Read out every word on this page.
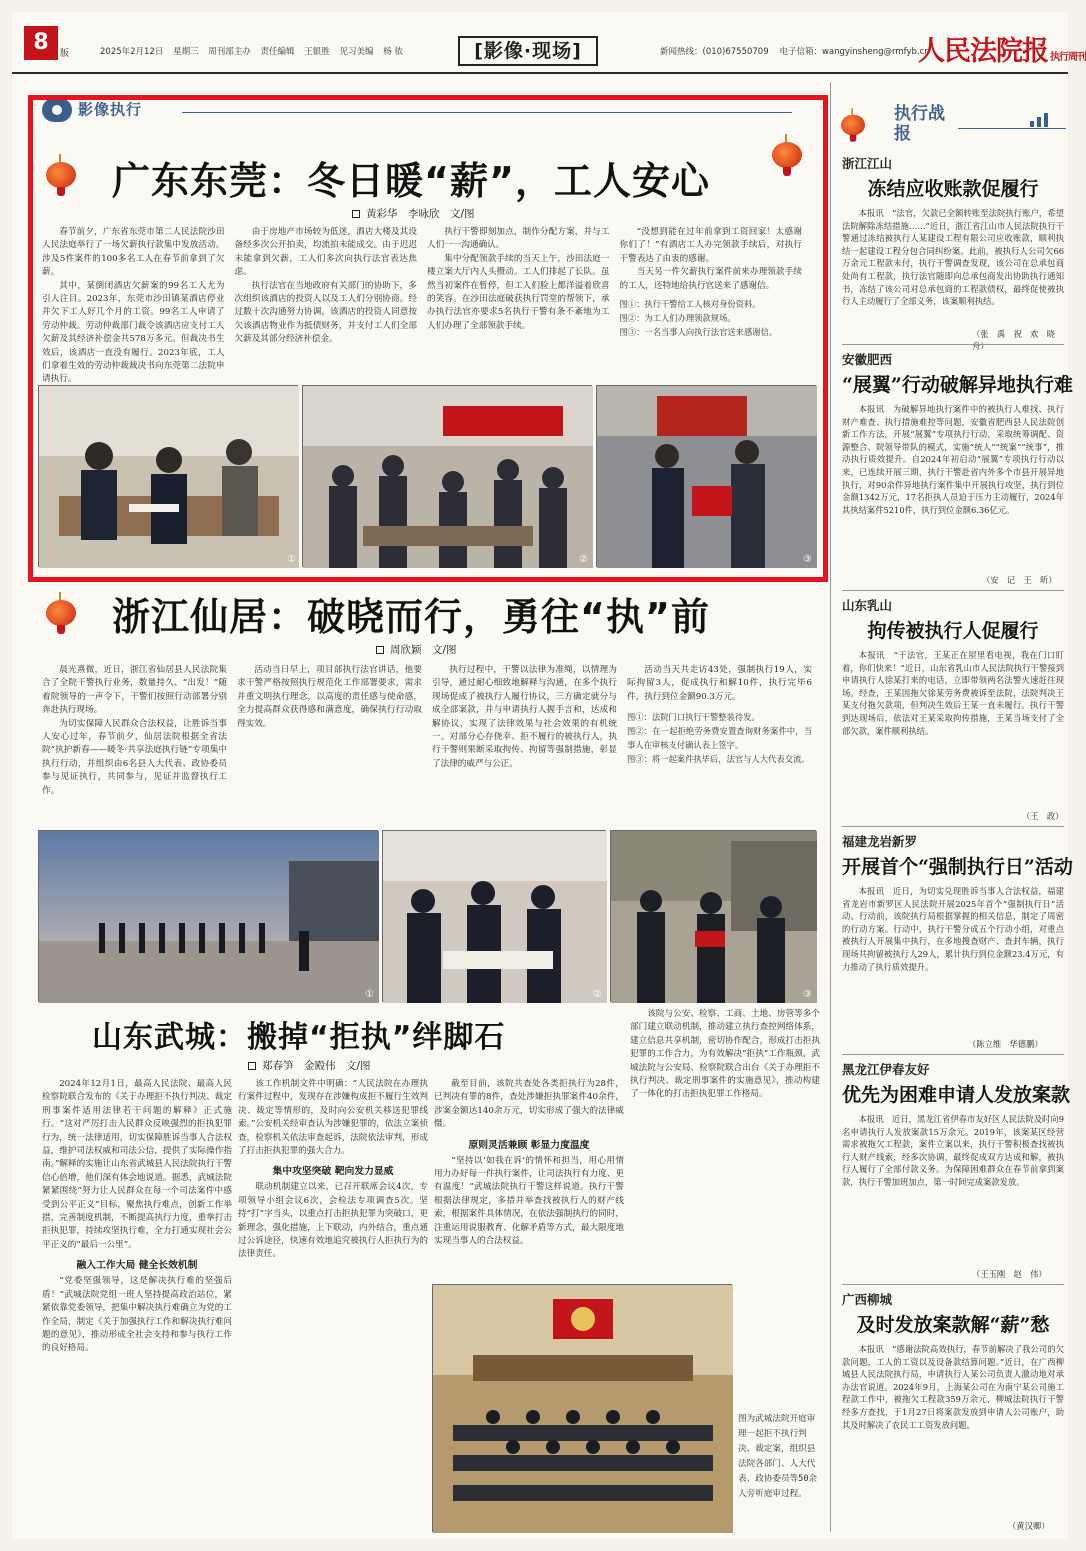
8	版	2025年2月12日 星期三 周刊部主办 责任编辑 王银胜 见习美编 杨 依	[影像·现场]	新闻热线：(010)67550709 电子信箱：wangyinsheng@rmfyb.cn
人民法院报 执行周刊
影像执行
广东东莞：冬日暖“薪”，工人安心
黄彩华　李咏欣　文/图

春节前夕，广东省东莞市第二人民法院沙田人民法庭举行了一场欠薪执行款集中发放活动。涉及5件案件的100多名工人在春节前拿到了欠薪。

其中，某倒闭酒店欠薪案的99名工人尤为引人注目。2023年，东莞市沙田镇某酒店停业并欠下工人好几个月的工资。99名工人申请了劳动仲裁。劳动仲裁部门裁令该酒店应支付工人欠薪及其经济补偿金共578万多元。但裁决书生效后，该酒店一直没有履行。2023年底，工人们拿着生效的劳动仲裁裁决书向东莞第二法院申请执行。

由于房地产市场较为低迷，酒店大楼及其设备经多次公开拍卖，均流拍未能成交。由于迟迟未能拿到欠薪，工人们多次向执行法官表达焦虑。

执行法官在当地政府有关部门的协助下，多次组织该酒店的投资人以及工人们分别协商。经过数十次沟通努力协调，该酒店的投资人同意按欠该酒店物业作为抵债财务，并支付工人们全部欠薪及其部分经济补偿金。

执行干警即刻加点，制作分配方案，并与工人们一一沟通确认。

集中分配领款手续的当天上午，沙田法庭一楼立案大厅内人头攒动。工人们排起了长队。虽然当初案件在暂停，但工人们脸上都洋溢着欣喜的笑容。在沙田法庭破获执行罚堂的帮领下，承办执行法官亦要求5名执行干警有条不紊地为工人们办理了全部领款手续。

“没想到能在过年前拿到工资回家！太感谢你们了！”有酒店工人办完领款手续后，对执行干警表达了由衷的感谢。

当天另一件欠薪执行案件前来办理领款手续的工人，还特地给执行官送来了感谢信。

图①：执行干警给工人核对身份资料。
图②：为工人们办理领款规场。
图③：一名当事人向执行法官送来感谢信。
①	②	③
浙江仙居：破晓而行，勇往“执”前
周欣颖　文/图

晨光熹微，近日，浙江省仙居县人民法院集合了全院干警执行业务，数量持久、“出发！”随着院领导的一声令下，干警们按照行动部署分别奔赴执行现场。

为切实保障人民群众合法权益，让胜诉当事人安心过年，春节前夕，仙居法院根据全省法院“执护新春——暖冬·共享法庭执行链”专项集中执行行动，并组织由6名县人大代表、政协委员参与见证执行，共同参与，见证并监督执行工作。

活动当日早上，项目部执行法官讲话，他要求干警严格按照执行规范化工作部署要求，需求并重文明执行理念，以高度的责任感与使命感，全力提高群众获得感和满意度，确保执行行动取得实效。

执行过程中，干警以法律为准绳，以情理为引导，通过耐心细致地解释与沟通，在多个执行现场促成了被执行人履行协议，三方确定就分与成全部案款，并与申请执行人握手言和，达成和解协议，实现了法律效果与社会效果的有机统一。对部分心存侥幸、拒不履行的被执行人，执行干警则果断采取拘传、拘留等强制措施，彰显了法律的威严与公正。

活动当天共走访43处，强制执行19人，实际拘留3人，促成执行和解10件，执行完毕6件，执行到位金额90.3万元。

图①：法院门口执行干警整装待发。
图②：在一起拒绝劳务费安置查询财务案件中，当事人在审核支付确认表上签字。
图③：将一起案件执毕后，法官与人大代表交流。
①	②	③
山东武城：搬掉“拒执”绊脚石
郑春笋　金殿伟　文/图

2024年12月1日，最高人民法院、最高人民检察院联合发布的《关于办理拒不执行判决、裁定刑事案件适用法律若干问题的解释》正式施行。“这对严厉打击人民群众反映强烈的拒执犯罪行为，统一法律适用，切实保障胜诉当事人合法权益，维护司法权威和司法公信，提供了实际操作指南。”解释的实施让山东省武城县人民法院执行干警信心倍增，他们深有体会地说道。据悉，武城法院紧紧围绕“努力让人民群众在每一个司法案件中感受到公平正义”目标，聚焦执行难点，创新工作举措，完善制度机制，不断提高执行力度，重拳打击拒执犯罪，持续攻坚执行难，全力打通实现社会公平正义的“最后一公里”。

融入工作大局 健全长效机制

“党委坚强领导，这是解决执行难的坚强后盾！”武城法院党组一班人坚持提高政治站位，紧紧依靠党委领导，把集中解决执行难确立为党的工作全局，制定《关于加强执行工作和解决执行难问题的意见》，推动形成全社会支持和参与执行工作的良好格局。

该工作机制文件中明确：“人民法院在办理执行案件过程中，发现存在涉嫌构成拒不履行生效判决、裁定等情形的，及时向公安机关移送犯罪线索。”公安机关经审查认为涉嫌犯罪的，依法立案侦查，检察机关依法审查起诉，法院依法审判，形成了打击拒执犯罪的强大合力。

集中攻坚突破 靶向发力显威

联动机制建立以来，已召开联席会议4次，专项领导小组会议6次，会检法专项调查5次。坚持“打”字当头，以重点打击拒执犯罪为突破口，更新理念，强化措施，上下联动，内外结合，重点通过公诉途径，快速有效地追究被执行人拒执行为的法律责任。

截至目前，该院共查处各类拒执行为28件，已判决有罪的8件，查处涉嫌拒执罪案件40余件，涉案金额达140余万元，切实形成了强大的法律威慑。

原则灵活兼顾 彰显力度温度

“坚持以‘如我在诉’的情怀和担当，用心用情用力办好每一件执行案件，让司法执行有力度、更有温度！”武城法院执行干警这样说道。执行干警根据法律规定，多措并举查找被执行人的财产线索，根据案件具体情况，在依法强制执行的同时，注重运用说服教育、化解矛盾等方式，最大限度地实现当事人的合法权益。

该院与公安、检察、工商、土地、房管等多个部门建立联动机制，推动建立执行查控网络体系，建立信息共享机制，密切协作配合，形成打击拒执犯罪的工作合力，为有效解决“拒执”工作瓶颈，武城法院与公安局、检察院联合出台《关于办理拒不执行判决、裁定刑事案件的实施意见》，推动构建了一体化的打击拒执犯罪工作格局。

图为武城法院开庭审理一起拒不执行判决、裁定案，组织县法院各部门、人大代表、政协委员等50余人旁听庭审过程。
执行战报
浙江江山
冻结应收账款促履行

本报讯　“法官，欠款已全额转账至法院执行账户，希望法院解除冻结措施……”近日，浙江省江山市人民法院执行干警通过冻结被执行人某建设工程有限公司应收账款，顺利执结一起建设工程分包合同纠纷案。此前，被执行人公司欠66万余元工程款未付，执行干警调查发现，该公司在总承包商处尚有工程款，执行法官随即向总承包商发出协助执行通知书，冻结了该公司对总承包商的工程款债权，最终促使被执行人主动履行了全部义务，该案顺利执结。

（张　禹　祝　欢　晓　舟）
安徽肥西
“展翼”行动破解异地执行难

本报讯　为破解异地执行案件中的被执行人难找、执行财产难查、执行措施难控等问题，安徽省肥西县人民法院创新工作方法，开展“展翼”专项执行行动，采取统筹调配、资源整合、院领导带队的模式，实施“统人”“统案”“统事”，推动执行质效提升。自2024年初启动“展翼”专项执行行动以来，已连续开展三期，执行干警赴省内外多个市县开展异地执行，对90余件异地执行案件集中开展执行攻坚，执行到位金额1342万元，17名拒执人员迫于压力主动履行，2024年其执结案件5210件，执行到位金额6.36亿元。

（安　记　王　昕）
山东乳山
拘传被执行人促履行

本报讯　“干法官，王某正在屋里看电视，我在门口盯着，你们快来！”近日，山东省乳山市人民法院执行干警接到申请执行人徐某打来的电话，立即带领两名法警火速赶往现场。经查，王某因拖欠徐某劳务费被诉至法院，法院判决王某支付拖欠款项，但判决生效后王某一直未履行。执行干警到达现场后，依法对王某采取拘传措施，王某当场支付了全部欠款，案件顺利执结。

（王　政）
福建龙岩新罗
开展首个“强制执行日”活动

本报讯　近日，为切实兑现胜诉当事人合法权益，福建省龙岩市新罗区人民法院开展2025年首个“强制执行日”活动。行动前，该院执行局根据掌握的相关信息，制定了周密的行动方案。行动中，执行干警分成五个行动小组，对重点被执行人开展集中执行，在多地搜查财产、查封车辆，执行现场共拘留被执行人29人，累计执行到位金额23.4万元，有力推动了执行质效提升。

（陈立维　华德鹏）
黑龙江伊春友好
优先为困难申请人发放案款

本报讯　近日，黑龙江省伊春市友好区人民法院及时向9名申请执行人发放案款15万余元。2019年，该案某区经营需求被拖欠工程款，案件立案以来，执行干警积极查找被执行人财产线索，经多次协调，最终促成双方达成和解，被执行人履行了全部付款义务。为保障困难群众在春节前拿到案款，执行干警加班加点，第一时间完成案款发放。

（王玉刚　赵　伟）
广西柳城
及时发放案款解“薪”愁

本报讯　“感谢法院高效执行，春节前解决了我公司的欠款问题，工人的工资以及设备款结算问题。”近日，在广西柳城县人民法院执行局，申请执行人某公司负责人激动地对承办法官说道。2024年9月，上海某公司在为南宁某公司施工程款工作中，被拖欠工程款359万余元，柳城法院执行干警经多方查找，于1月27日将案款发放到申请人公司账户，助其及时解决了农民工工资发放问题。

（黄汉卿）
